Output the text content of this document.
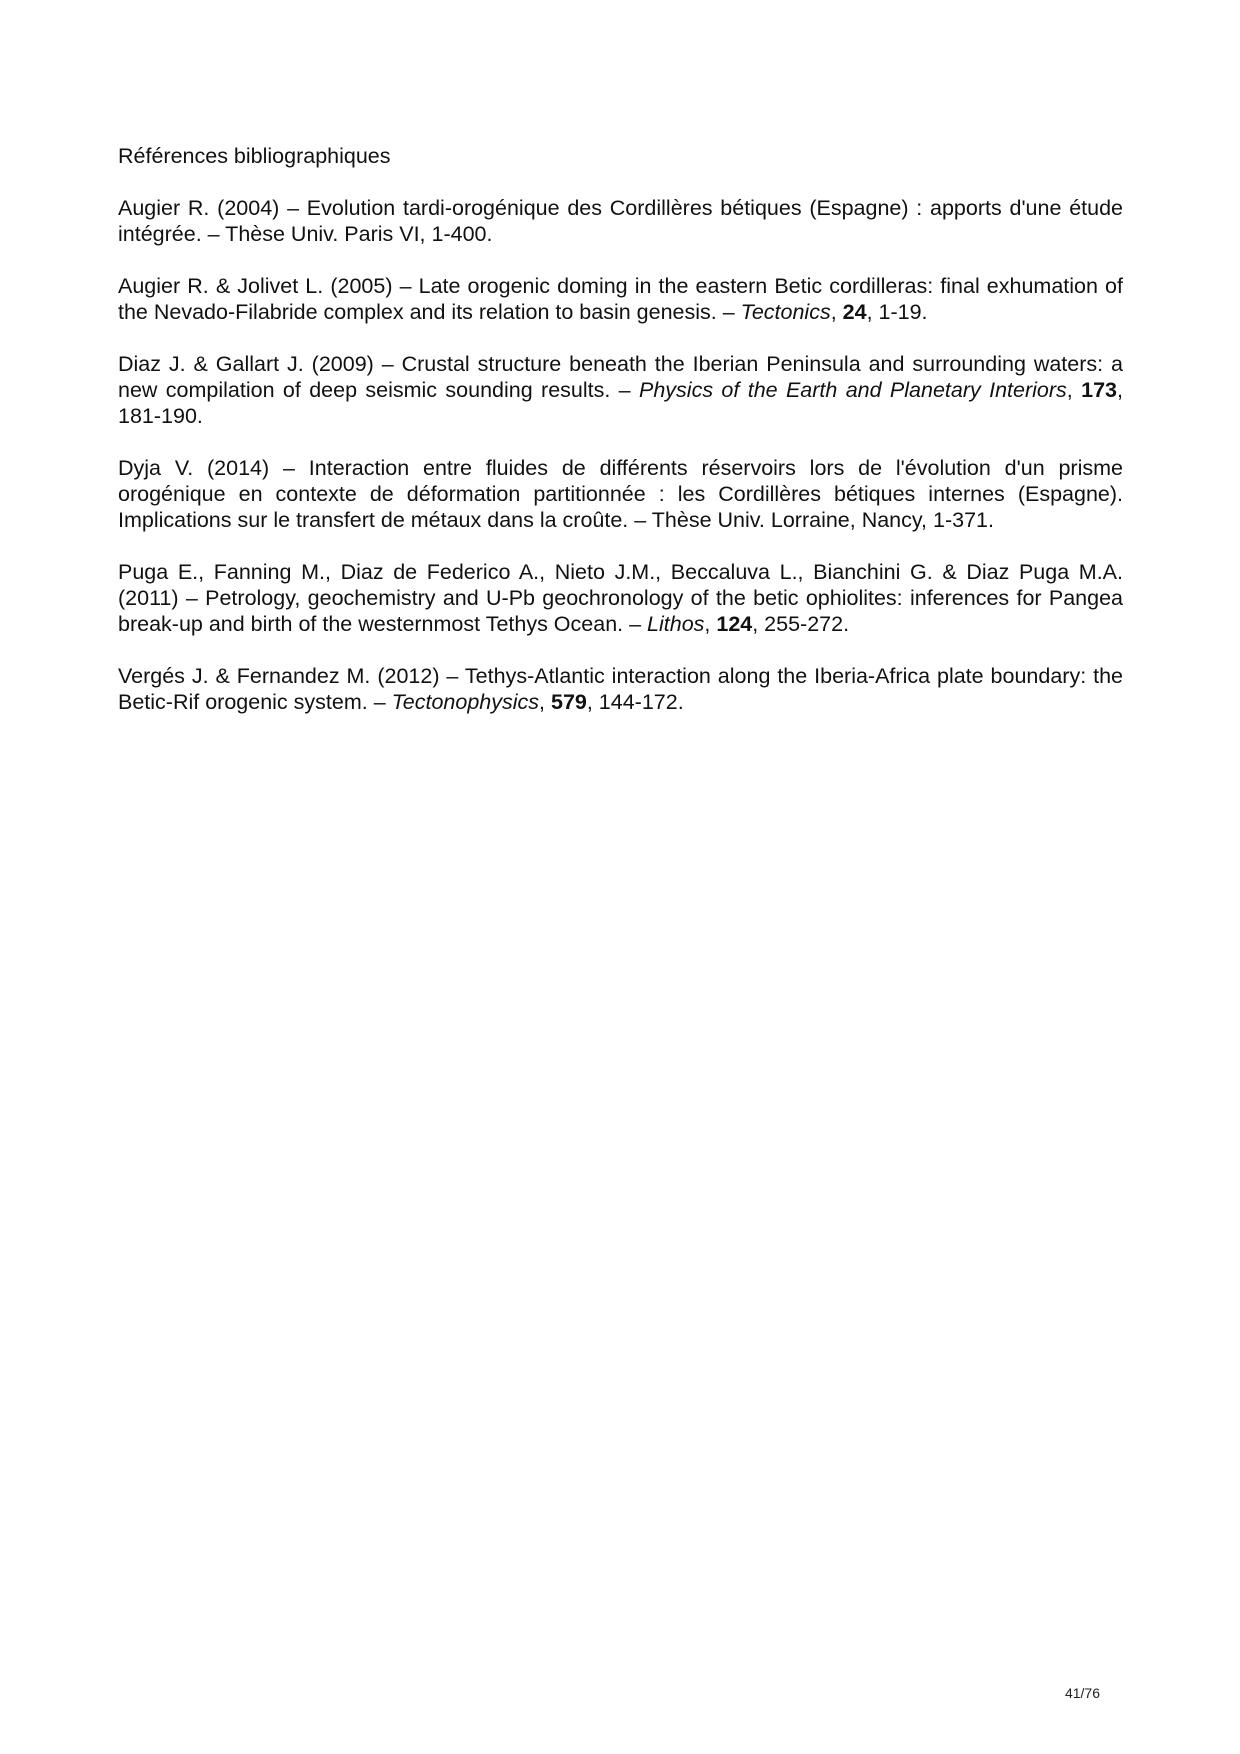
Références bibliographiques

Augier R. (2004) – Evolution tardi-orogénique des Cordillères bétiques (Espagne) : apports d'une étude intégrée. – Thèse Univ. Paris VI, 1-400.

Augier R. & Jolivet L. (2005) – Late orogenic doming in the eastern Betic cordilleras: final exhumation of the Nevado-Filabride complex and its relation to basin genesis. – Tectonics, 24, 1-19.

Diaz J. & Gallart J. (2009) – Crustal structure beneath the Iberian Peninsula and surrounding waters: a new compilation of deep seismic sounding results. – Physics of the Earth and Planetary Interiors, 173, 181-190.

Dyja V. (2014) – Interaction entre fluides de différents réservoirs lors de l'évolution d'un prisme orogénique en contexte de déformation partitionnée : les Cordillères bétiques internes (Espagne). Implications sur le transfert de métaux dans la croûte. – Thèse Univ. Lorraine, Nancy, 1-371.

Puga E., Fanning M., Diaz de Federico A., Nieto J.M., Beccaluva L., Bianchini G. & Diaz Puga M.A. (2011) – Petrology, geochemistry and U-Pb geochronology of the betic ophiolites: inferences for Pangea break-up and birth of the westernmost Tethys Ocean. – Lithos, 124, 255-272.

Vergés J. & Fernandez M. (2012) – Tethys-Atlantic interaction along the Iberia-Africa plate boundary: the Betic-Rif orogenic system. – Tectonophysics, 579, 144-172.

41/76
